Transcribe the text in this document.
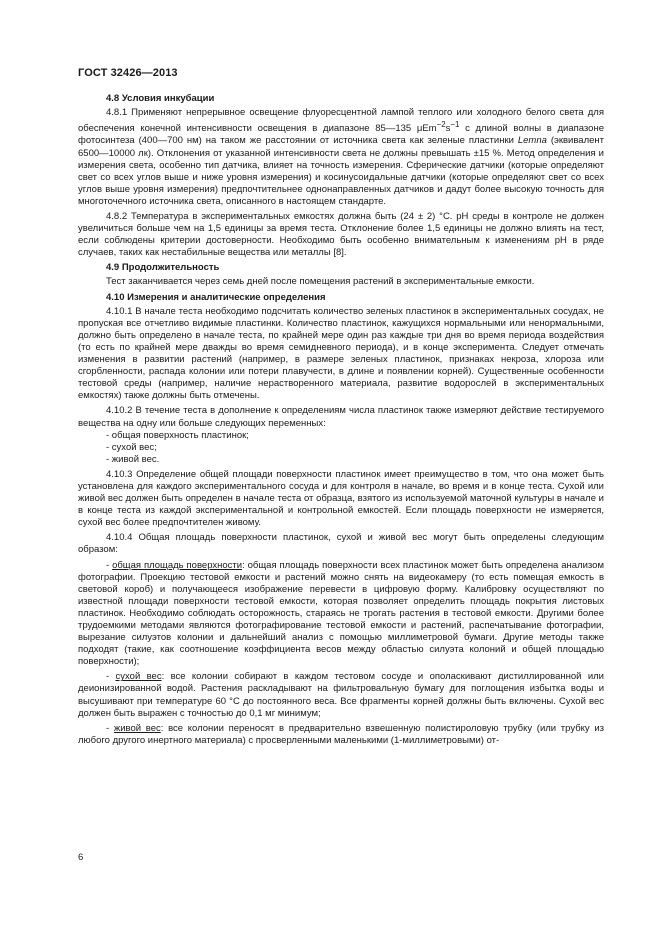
ГОСТ 32426—2013
4.8 Условия инкубации
4.8.1 Применяют непрерывное освещение флуоресцентной лампой теплого или холодного белого света для обеспечения конечной интенсивности освещения в диапазоне 85—135 $\mu Em^{-2}s^{-1}$ с длиной волны в диапазоне фотосинтеза (400—700 нм) на таком же расстоянии от источника света как зеленые пластинки Lemna (эквивалент 6500—10000 лк). Отклонения от указанной интенсивности света не должны превышать ±15 %. Метод определения и измерения света, особенно тип датчика, влияет на точность измерения. Сферические датчики (которые определяют свет со всех углов выше и ниже уровня измерения) и косинусоидальные датчики (которые определяют свет со всех углов выше уровня измерения) предпочтительнее однонаправленных датчиков и дадут более высокую точность для многоточечного источника света, описанного в настоящем стандарте.
4.8.2 Температура в экспериментальных емкостях должна быть (24 ± 2) °С. pH среды в контроле не должен увеличиться больше чем на 1,5 единицы за время теста. Отклонение более 1,5 единицы не должно влиять на тест, если соблюдены критерии достоверности. Необходимо быть особенно внимательным к изменениям pH в ряде случаев, таких как нестабильные вещества или металлы [8].
4.9 Продолжительность
Тест заканчивается через семь дней после помещения растений в экспериментальные емкости.
4.10 Измерения и аналитические определения
4.10.1 В начале теста необходимо подсчитать количество зеленых пластинок в экспериментальных сосудах, не пропуская все отчетливо видимые пластинки. Количество пластинок, кажущихся нормальными или ненормальными, должно быть определено в начале теста, по крайней мере один раз каждые три дня во время периода воздействия (то есть по крайней мере дважды во время семидневного периода), и в конце эксперимента. Следует отмечать изменения в развитии растений (например, в размере зеленых пластинок, признаках некроза, хлороза или сгорбленности, распада колонии или потери плавучести, в длине и появлении корней). Существенные особенности тестовой среды (например, наличие нерастворенного материала, развитие водорослей в экспериментальных емкостях) также должны быть отмечены.
4.10.2 В течение теста в дополнение к определениям числа пластинок также измеряют действие тестируемого вещества на одну или больше следующих переменных:
- общая поверхность пластинок;
- сухой вес;
- живой вес.
4.10.3 Определение общей площади поверхности пластинок имеет преимущество в том, что она может быть установлена для каждого экспериментального сосуда и для контроля в начале, во время и в конце теста. Сухой или живой вес должен быть определен в начале теста от образца, взятого из используемой маточной культуры в начале и в конце теста из каждой экспериментальной и контрольной емкостей. Если площадь поверхности не измеряется, сухой вес более предпочтителен живому.
4.10.4 Общая площадь поверхности пластинок, сухой и живой вес могут быть определены следующим образом:
- общая площадь поверхности: общая площадь поверхности всех пластинок может быть определена анализом фотографии. Проекцию тестовой емкости и растений можно снять на видеокамеру (то есть помещая емкость в световой короб) и получающееся изображение перевести в цифровую форму. Калибровку осуществляют по известной площади поверхности тестовой емкости, которая позволяет определить площадь покрытия листовых пластинок. Необходимо соблюдать осторожность, стараясь не трогать растения в тестовой емкости. Другими более трудоемкими методами являются фотографирование тестовой емкости и растений, распечатывание фотографии, вырезание силуэтов колонии и дальнейший анализ с помощью миллиметровой бумаги. Другие методы также подходят (такие, как соотношение коэффициента весов между областью силуэта колоний и общей площадью поверхности);
- сухой вес: все колонии собирают в каждом тестовом сосуде и ополаскивают дистиллированной или деионизированной водой. Растения раскладывают на фильтровальную бумагу для поглощения избытка воды и высушивают при температуре 60 °С до постоянного веса. Все фрагменты корней должны быть включены. Сухой вес должен быть выражен с точностью до 0,1 мг минимум;
- живой вес: все колонии переносят в предварительно взвешенную полистироловую трубку (или трубку из любого другого инертного материала) с просверленными маленькими (1-миллиметровыми) от-
6
